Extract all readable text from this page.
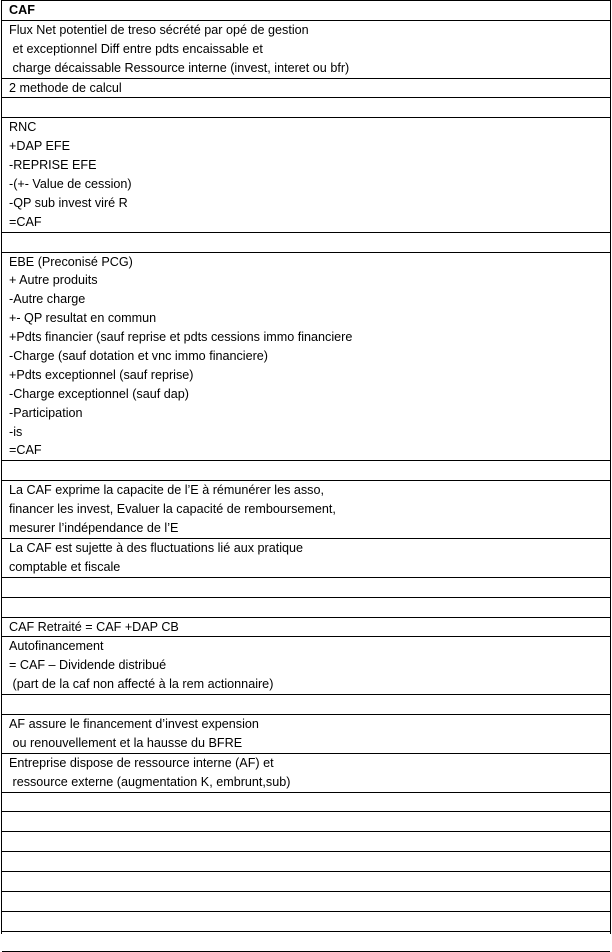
CAF
Flux Net potentiel de treso sécrété par opé de gestion
et exceptionnel Diff entre pdts encaissable et
charge décaissable Ressource interne (invest, interet ou bfr)
2 methode de calcul
RNC
+DAP EFE
-REPRISE EFE
-(+- Value de cession)
-QP sub invest viré R
=CAF
EBE (Preconisé PCG)
+ Autre produits
-Autre charge
+- QP resultat en commun
+Pdts financier (sauf reprise et pdts cessions immo financiere
-Charge (sauf dotation et vnc immo financiere)
+Pdts exceptionnel (sauf reprise)
-Charge exceptionnel (sauf dap)
-Participation
-is
=CAF
La CAF exprime la capacite de l’E à rémunérer les asso,
financer les invest, Evaluer la capacité de remboursement,
mesurer l’indépendance de l’E
La CAF est sujette à des fluctuations lié aux pratique
comptable et fiscale
CAF Retraité = CAF +DAP CB
Autofinancement
= CAF – Dividende distribué
(part de la caf non affecté à la rem actionnaire)
AF assure le financement d’invest expension
ou renouvellement et la hausse du BFRE
Entreprise dispose de ressource interne (AF) et
ressource externe (augmentation K, embrunt,sub)
